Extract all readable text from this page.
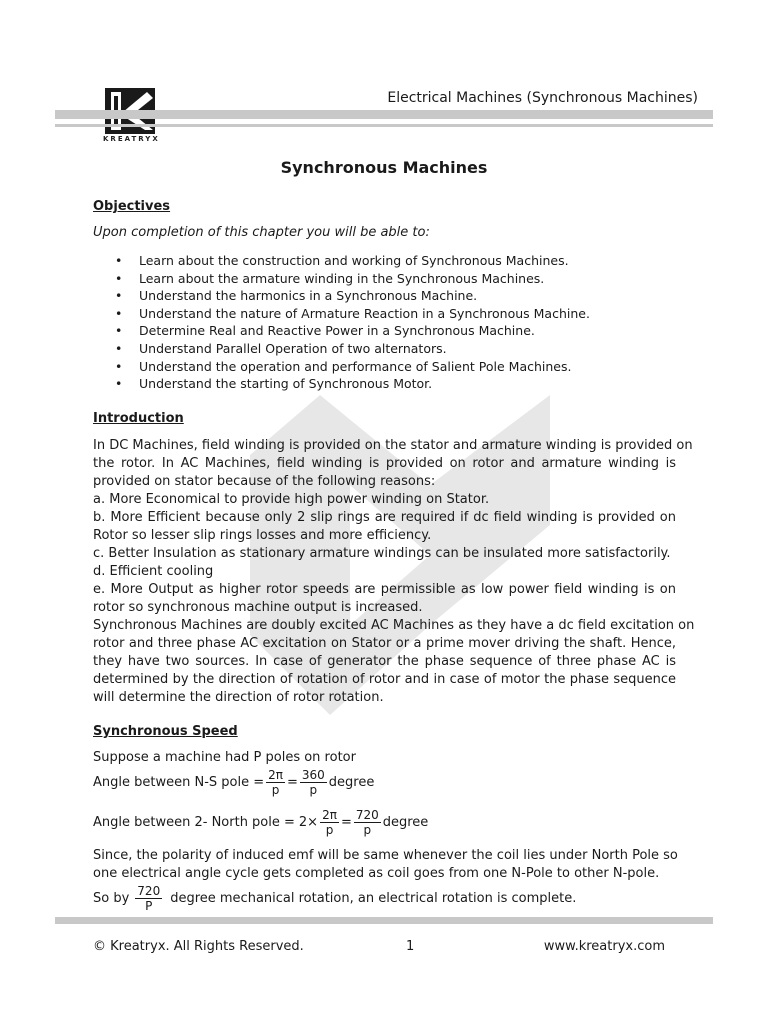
KREATRYX
Electrical Machines (Synchronous Machines)
Synchronous Machines
Objectives
Upon completion of this chapter you will be able to:
• Learn about the construction and working of Synchronous Machines.
• Learn about the armature winding in the Synchronous Machines.
• Understand the harmonics in a Synchronous Machine.
• Understand the nature of Armature Reaction in a Synchronous Machine.
• Determine Real and Reactive Power in a Synchronous Machine.
• Understand Parallel Operation of two alternators.
• Understand the operation and performance of Salient Pole Machines.
• Understand the starting of Synchronous Motor.
Introduction
In DC Machines, field winding is provided on the stator and armature winding is provided on
the rotor. In AC Machines, field winding is provided on rotor and armature winding is
provided on stator because of the following reasons:
a. More Economical to provide high power winding on Stator.
b. More Efficient because only 2 slip rings are required if dc field winding is provided on
Rotor so lesser slip rings losses and more efficiency.
c. Better Insulation as stationary armature windings can be insulated more satisfactorily.
d. Efficient cooling
e. More Output as higher rotor speeds are permissible as low power field winding is on
rotor so synchronous machine output is increased.
Synchronous Machines are doubly excited AC Machines as they have a dc field excitation on
rotor and three phase AC excitation on Stator or a prime mover driving the shaft. Hence,
they have two sources. In case of generator the phase sequence of three phase AC is
determined by the direction of rotation of rotor and in case of motor the phase sequence
will determine the direction of rotor rotation.
Synchronous Speed
Suppose a machine had P poles on rotor
Angle between N-S pole = $\frac{2\pi}{p} = \frac{360}{p}$ degree
Angle between 2- North pole = $2\times \frac{2\pi}{p} = \frac{720}{p}$ degree
Since, the polarity of induced emf will be same whenever the coil lies under North Pole so
one electrical angle cycle gets completed as coil goes from one N-Pole to other N-pole.
So by $\frac{720}{P}$ degree mechanical rotation, an electrical rotation is complete.
© Kreatryx. All Rights Reserved.	1	www.kreatryx.com
